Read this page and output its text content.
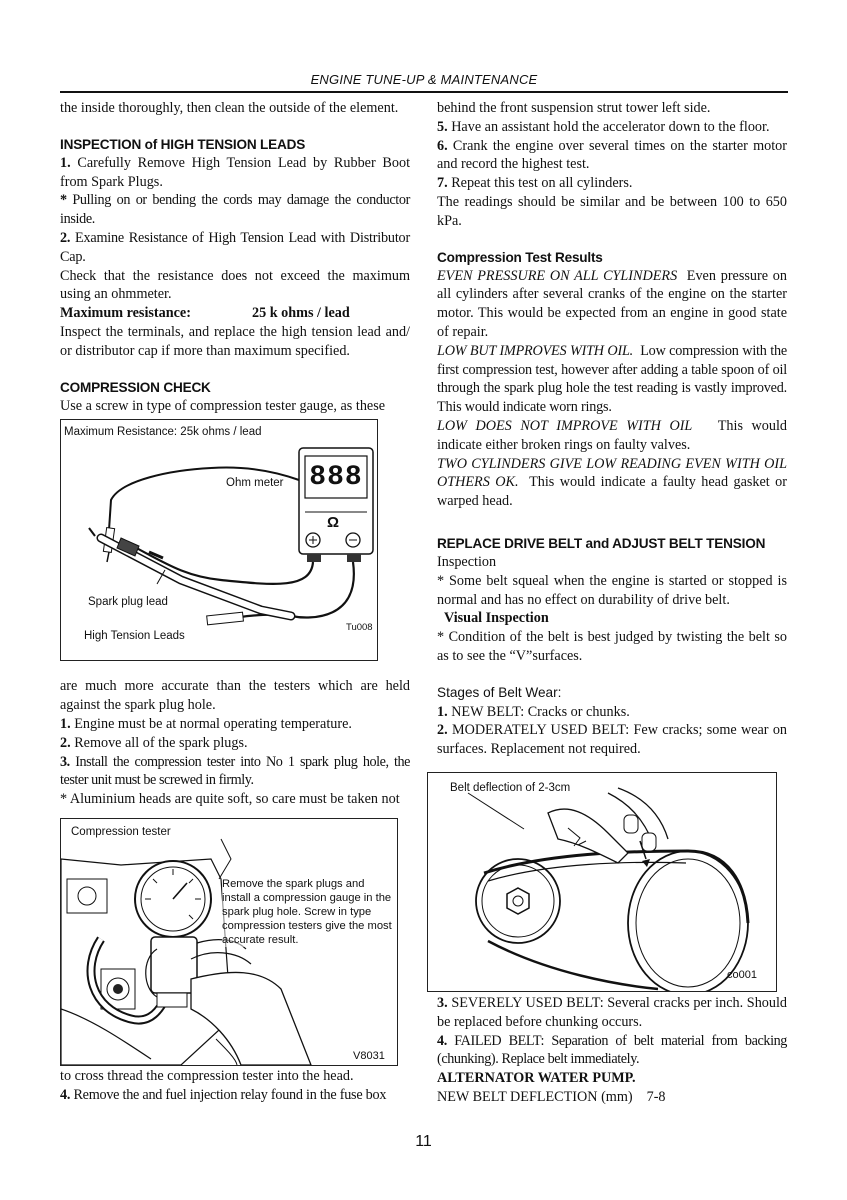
ENGINE TUNE-UP & MAINTENANCE

the inside thoroughly, then clean the outside of the element.

INSPECTION of HIGH TENSION LEADS

1. Carefully Remove High Tension Lead by Rubber Boot from Spark Plugs.

* Pulling on or bending the cords may damage the conductor inside.

2. Examine Resistance of High Tension Lead with Distributor Cap.

Check that the resistance does not exceed the maximum using an ohmmeter.

Maximum resistance:	25 k ohms / lead

Inspect the terminals, and replace the high tension lead and/ or distributor cap if more than maximum specified.

COMPRESSION CHECK

Use a screw in type of compression tester gauge, as these

Maximum Resistance: 25k ohms / lead
888
Ω
Ohm meter
Spark plug lead
High Tension Leads
Tu008

are much more accurate than the testers which are held against the spark plug hole.

1. Engine must be at normal operating temperature.

2. Remove all of the spark plugs.

3. Install the compression tester into No 1 spark plug hole, the tester unit must be screwed in firmly.

* Aluminium heads are quite soft, so care must be taken not

Compression tester
Remove the spark plugs and install a compression gauge in the spark plug hole. Screw in type compression testers give the most accurate result.
V8031

to cross thread the compression tester into the head.

4. Remove the and fuel injection relay found in the fuse box

behind the front suspension strut tower left side.

5. Have an assistant hold the accelerator down to the floor.

6. Crank the engine over several times on the starter motor and record the highest test.

7. Repeat this test on all cylinders.

The readings should be similar and be between 100 to 650 kPa.

Compression Test Results

EVEN PRESSURE ON ALL CYLINDERS Even pressure on all cylinders after several cranks of the engine on the starter motor. This would be expected from an engine in good state of repair.

LOW BUT IMPROVES WITH OIL. Low compression with the first compression test, however after adding a table spoon of oil through the spark plug hole the test reading is vastly improved. This would indicate worn rings.

LOW DOES NOT IMPROVE WITH OIL This would indicate either broken rings on faulty valves.

TWO CYLINDERS GIVE LOW READING EVEN WITH OIL OTHERS OK. This would indicate a faulty head gasket or warped head.

REPLACE DRIVE BELT and ADJUST BELT TENSION

Inspection

* Some belt squeal when the engine is started or stopped is normal and has no effect on durability of drive belt.

Visual Inspection

* Condition of the belt is best judged by twisting the belt so as to see the “V”surfaces.

Stages of Belt Wear:

1. NEW BELT: Cracks or chunks.

2. MODERATELY USED BELT: Few cracks; some wear on surfaces. Replacement not required.

Belt deflection of 2-3cm
co001

3. SEVERELY USED BELT: Several cracks per inch. Should be replaced before chunking occurs.

4. FAILED BELT: Separation of belt material from backing (chunking). Replace belt immediately.

ALTERNATOR WATER PUMP.

NEW BELT DEFLECTION (mm) 7-8

11
